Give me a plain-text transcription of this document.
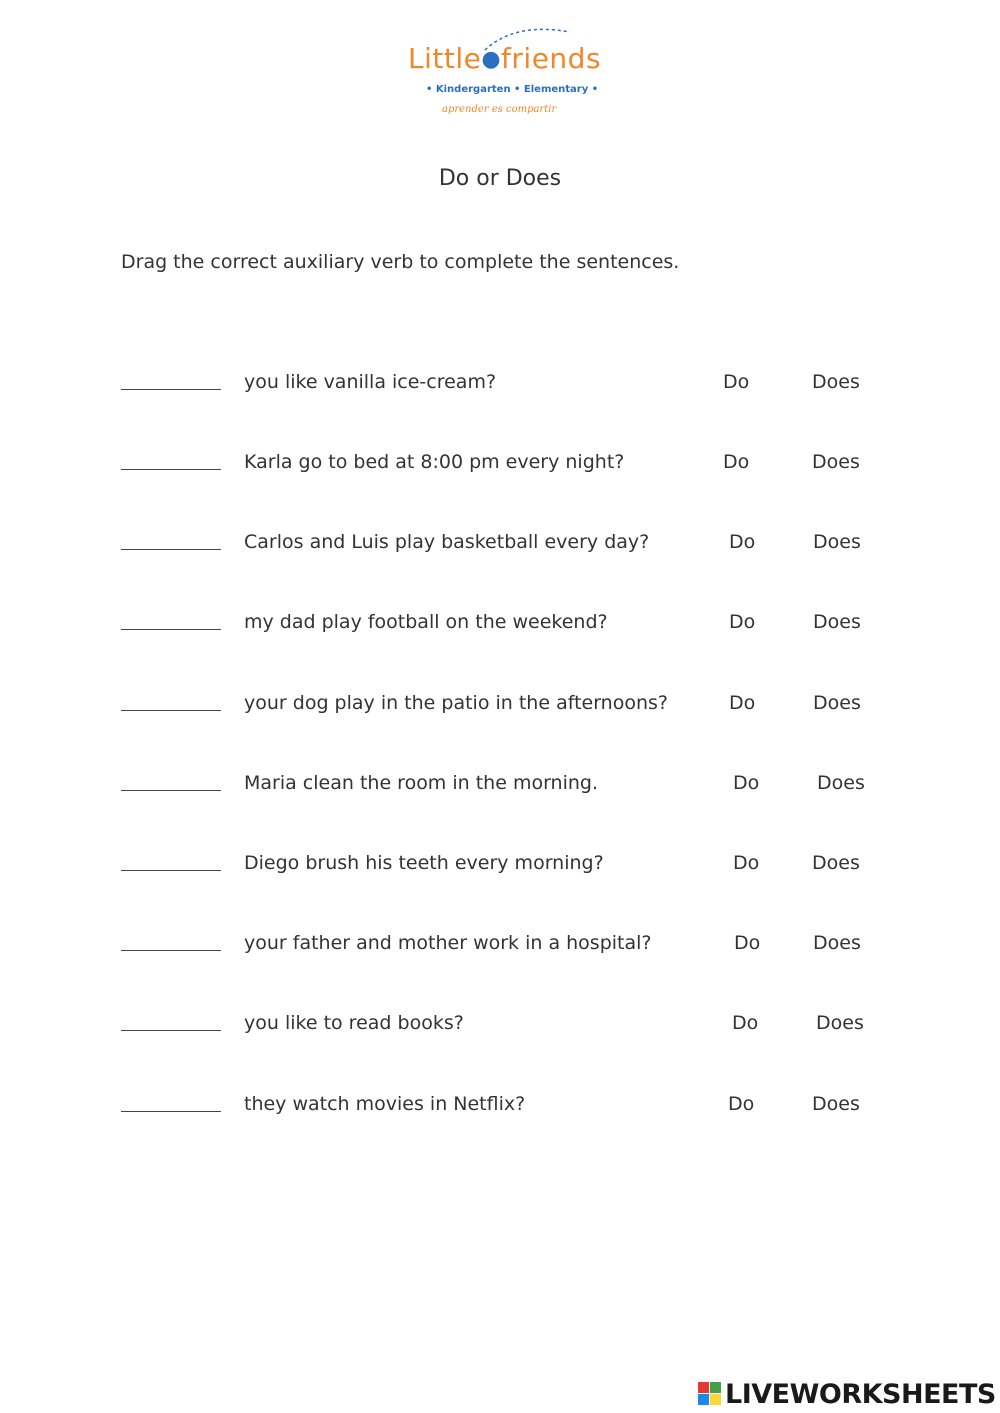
Little●friends
• Kindergarten • Elementary •
aprender es compartir
Do or Does
Drag the correct auxiliary verb to complete the sentences.
you like vanilla ice-cream?	Do	Does
Karla go to bed at 8:00 pm every night?	Do	Does
Carlos and Luis play basketball every day?	Do	Does
my dad play football on the weekend?	Do	Does
your dog play in the patio in the afternoons?	Do	Does
Maria clean the room in the morning.	Do	Does
Diego brush his teeth every morning?	Do	Does
your father and mother work in a hospital?	Do	Does
you like to read books?	Do	Does
they watch movies in Netflix?	Do	Does
LIVEWORKSHEETS
